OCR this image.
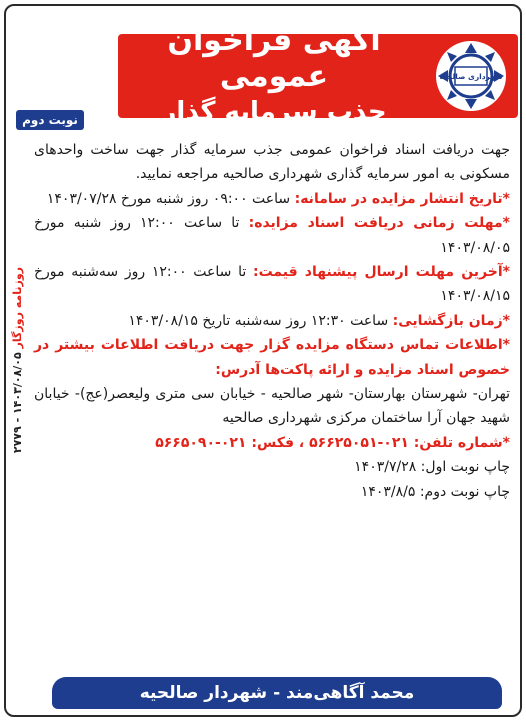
روزنامه روزگار ۱۴۰۳/۰۸/۰۵ - ۲۷۷۹
آگهی فراخوان عمومی
جذب سرمایه گذار
شهرداری صالحیه
نوبت دوم

جهت دریافت اسناد فراخوان عمومی جذب سرمایه گذار جهت ساخت واحدهای مسکونی به امور سرمایه گذاری شهرداری صالحیه مراجعه نمایید.

*تاریخ انتشار مزایده در سامانه: ساعت ۰۹:۰۰ روز شنبه مورخ ۱۴۰۳/۰۷/۲۸

*مهلت زمانی دریافت اسناد مزایده: تا ساعت ۱۲:۰۰ روز شنبه مورخ ۱۴۰۳/۰۸/۰۵

*آخرین مهلت ارسال پیشنهاد قیمت: تا ساعت ۱۲:۰۰ روز سه‌شنبه مورخ ۱۴۰۳/۰۸/۱۵

*زمان بازگشایی: ساعت ۱۲:۳۰ روز سه‌شنبه تاریخ ۱۴۰۳/۰۸/۱۵

*اطلاعات تماس دستگاه مزایده گزار جهت دریافت اطلاعات بیشتر در خصوص اسناد مزایده و ارائه پاکت‌ها آدرس:

تهران- شهرستان بهارستان- شهر صالحیه - خیابان سی متری ولیعصر(عج)- خیابان شهید جهان آرا ساختمان مرکزی شهرداری صالحیه

*شماره تلفن: ۰۲۱-۵۶۶۲۵۰۵۱ ، فکس: ۰۲۱-۵۶۶۵۰۹۰

چاپ نوبت اول: ۱۴۰۳/۷/۲۸

چاپ نوبت دوم: ۱۴۰۳/۸/۵

محمد آگاهی‌مند - شهردار صالحیه
